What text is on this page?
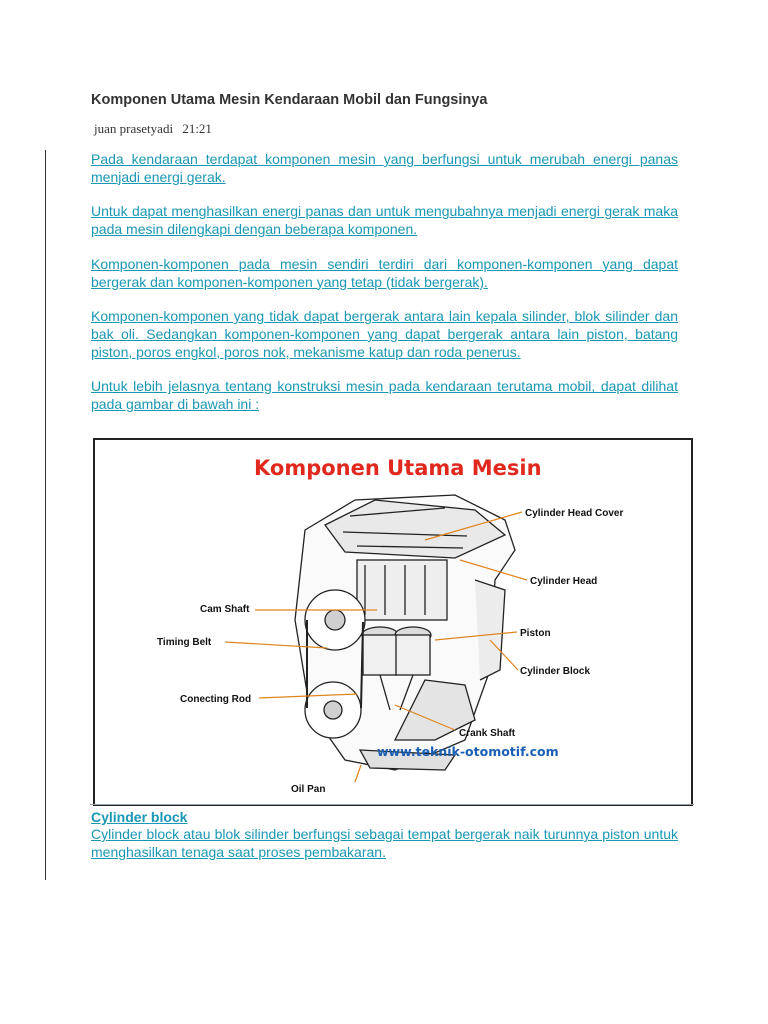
Komponen Utama Mesin Kendaraan Mobil dan Fungsinya
juan prasetyadi 21:21

Pada kendaraan terdapat komponen mesin yang berfungsi untuk merubah energi panas menjadi energi gerak.

Untuk dapat menghasilkan energi panas dan untuk mengubahnya menjadi energi gerak maka pada mesin dilengkapi dengan beberapa komponen.

Komponen-komponen pada mesin sendiri terdiri dari komponen-komponen yang dapat bergerak dan komponen-komponen yang tetap (tidak bergerak).

Komponen-komponen yang tidak dapat bergerak antara lain kepala silinder, blok silinder dan bak oli. Sedangkan komponen-komponen yang dapat bergerak antara lain piston, batang piston, poros engkol, poros nok, mekanisme katup dan roda penerus.

Untuk lebih jelasnya tentang konstruksi mesin pada kendaraan terutama mobil, dapat dilihat pada gambar di bawah ini :

Komponen Utama Mesin
Cylinder Head Cover
Cylinder Head
Cam Shaft
Piston
Timing Belt
Cylinder Block
Conecting Rod
Crank Shaft
Oil Pan
www.teknik-otomotif.com
Cylinder block
Cylinder block atau blok silinder berfungsi sebagai tempat bergerak naik turunnya piston untuk menghasilkan tenaga saat proses pembakaran.
